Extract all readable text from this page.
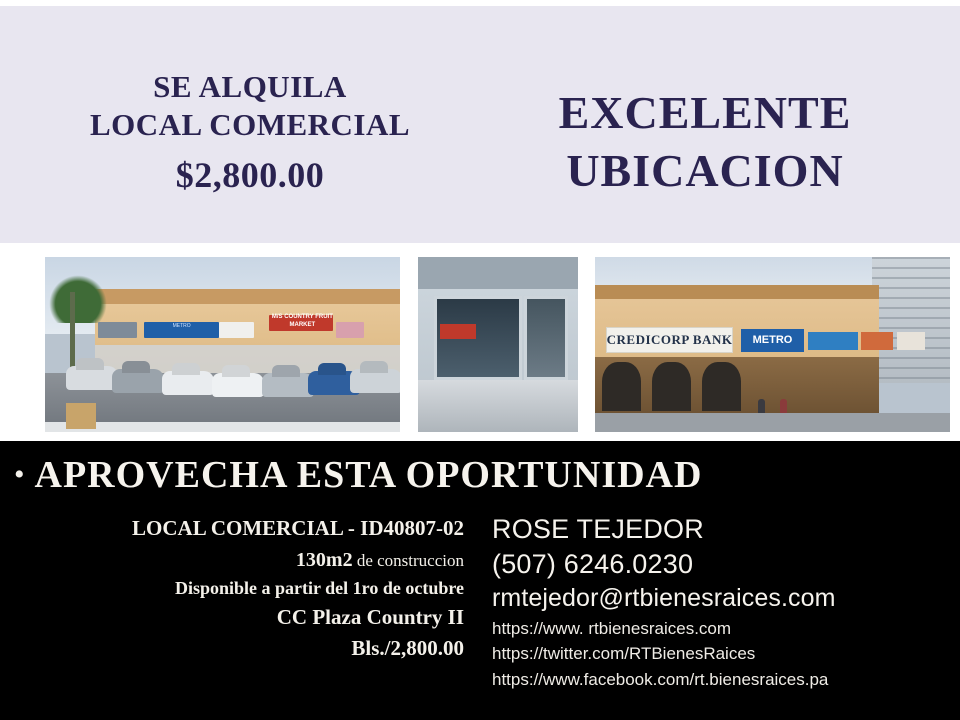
SE ALQUILA
LOCAL COMERCIAL
$2,800.00
EXCELENTE
UBICACION
METRO
M/S COUNTRY FRUIT MARKET
CREDICORP BANK	METRO
• APROVECHA ESTA OPORTUNIDAD
LOCAL COMERCIAL - ID40807-02
130m2 de construccion
Disponible a partir del 1ro de octubre
CC Plaza Country II
Bls./2,800.00
ROSE TEJEDOR
(507) 6246.0230
rmtejedor@rtbienesraices.com
https://www. rtbienesraices.com
https://twitter.com/RTBienesRaices
https://www.facebook.com/rt.bienesraices.pa
